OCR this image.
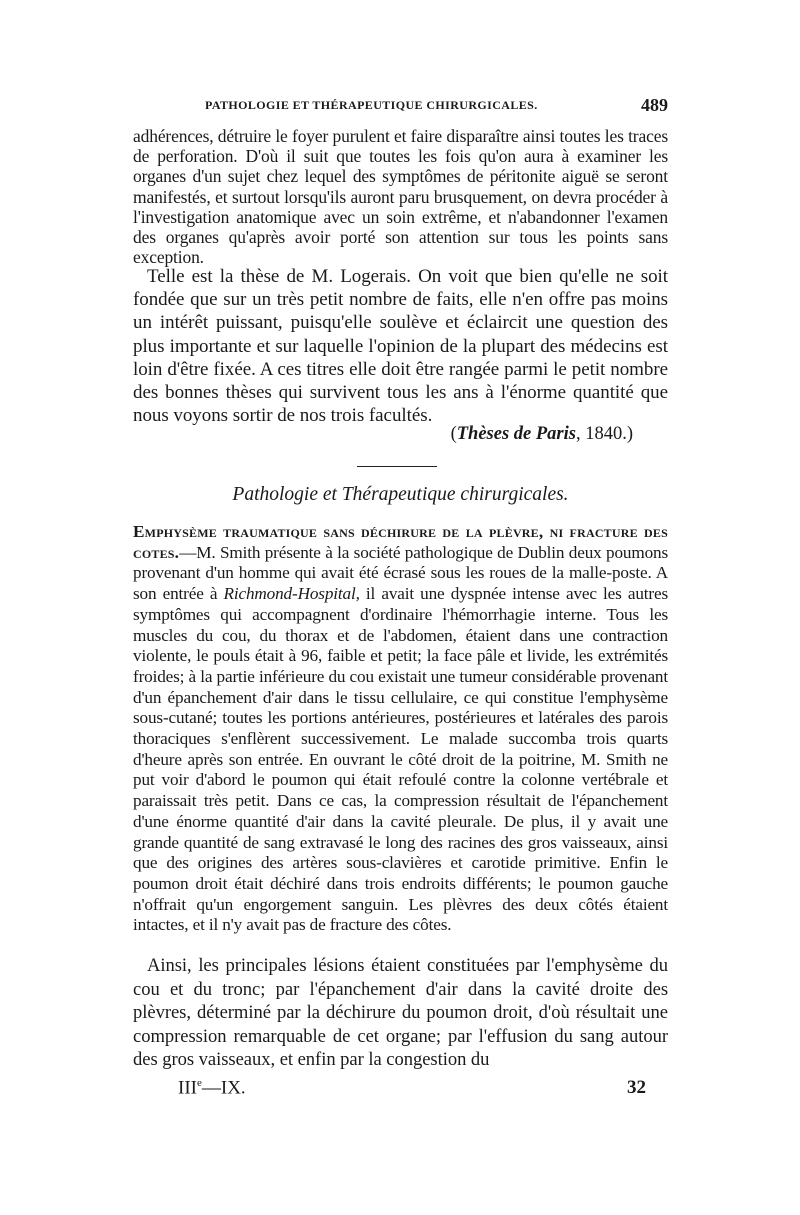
PATHOLOGIE ET THÉRAPEUTIQUE CHIRURGICALES.	489

adhérences, détruire le foyer purulent et faire disparaître ainsi toutes les traces de perforation. D'où il suit que toutes les fois qu'on aura à examiner les organes d'un sujet chez lequel des symptômes de péritonite aiguë se seront manifestés, et surtout lorsqu'ils auront paru brusquement, on devra procéder à l'investigation anatomique avec un soin extrême, et n'abandonner l'examen des organes qu'après avoir porté son attention sur tous les points sans exception.

Telle est la thèse de M. Logerais. On voit que bien qu'elle ne soit fondée que sur un très petit nombre de faits, elle n'en offre pas moins un intérêt puissant, puisqu'elle soulève et éclaircit une question des plus importante et sur laquelle l'opinion de la plupart des médecins est loin d'être fixée. A ces titres elle doit être rangée parmi le petit nombre des bonnes thèses qui survivent tous les ans à l'énorme quantité que nous voyons sortir de nos trois facultés.

(Thèses de Paris, 1840.)
Pathologie et Thérapeutique chirurgicales.

Emphysème traumatique sans déchirure de la plèvre, ni fracture des cotes.—M. Smith présente à la société pathologique de Dublin deux poumons provenant d'un homme qui avait été écrasé sous les roues de la malle-poste. A son entrée à Richmond-Hospital, il avait une dyspnée intense avec les autres symptômes qui accompagnent d'ordinaire l'hémorrhagie interne. Tous les muscles du cou, du thorax et de l'abdomen, étaient dans une contraction violente, le pouls était à 96, faible et petit; la face pâle et livide, les extrémités froides; à la partie inférieure du cou existait une tumeur considérable provenant d'un épanchement d'air dans le tissu cellulaire, ce qui constitue l'emphysème sous-cutané; toutes les portions antérieures, postérieures et latérales des parois thoraciques s'enflèrent successivement. Le malade succomba trois quarts d'heure après son entrée. En ouvrant le côté droit de la poitrine, M. Smith ne put voir d'abord le poumon qui était refoulé contre la colonne vertébrale et paraissait très petit. Dans ce cas, la compression résultait de l'épanchement d'une énorme quantité d'air dans la cavité pleurale. De plus, il y avait une grande quantité de sang extravasé le long des racines des gros vaisseaux, ainsi que des origines des artères sous-clavières et carotide primitive. Enfin le poumon droit était déchiré dans trois endroits différents; le poumon gauche n'offrait qu'un engorgement sanguin. Les plèvres des deux côtés étaient intactes, et il n'y avait pas de fracture des côtes.

Ainsi, les principales lésions étaient constituées par l'emphysème du cou et du tronc; par l'épanchement d'air dans la cavité droite des plèvres, déterminé par la déchirure du poumon droit, d'où résultait une compression remarquable de cet organe; par l'effusion du sang autour des gros vaisseaux, et enfin par la congestion du

IIIe—IX.	32
